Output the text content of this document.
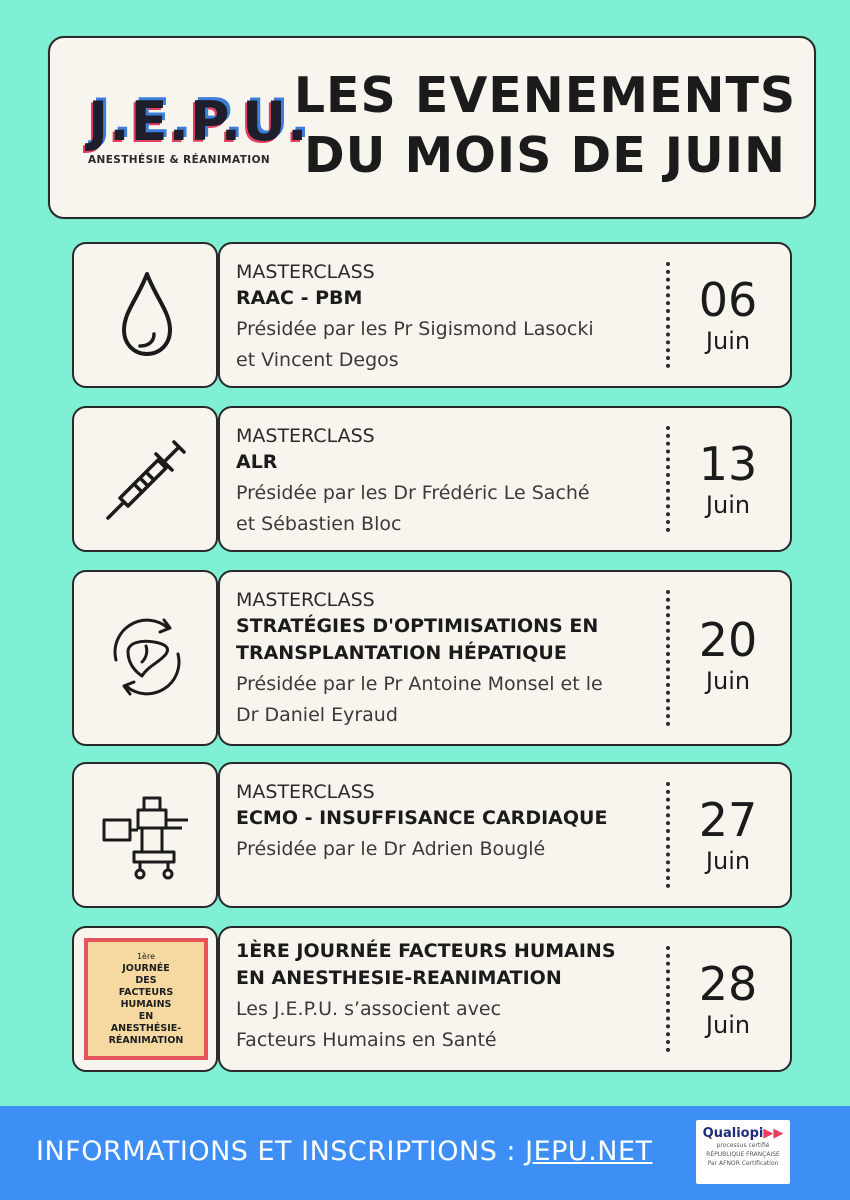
J.E.P.U.
ANESTHÉSIE & RÉANIMATION
LES EVENEMENTS
DU MOIS DE JUIN
MASTERCLASS
RAAC - PBM
Présidée par les Pr Sigismond Lasocki
et Vincent Degos
06
Juin
MASTERCLASS
ALR
Présidée par les Dr Frédéric Le Saché
et Sébastien Bloc
13
Juin
MASTERCLASS
STRATÉGIES D'OPTIMISATIONS EN
TRANSPLANTATION HÉPATIQUE
Présidée par le Pr Antoine Monsel et le
Dr Daniel Eyraud
20
Juin
MASTERCLASS
ECMO - INSUFFISANCE CARDIAQUE
Présidée par le Dr Adrien Bouglé
27
Juin
1ère
JOURNÉE
DES
FACTEURS
HUMAINS
EN
ANESTHÉSIE-
RÉANIMATION
1ÈRE JOURNÉE FACTEURS HUMAINS
EN ANESTHESIE-REANIMATION
Les J.E.P.U. s’associent avec
Facteurs Humains en Santé
28
Juin
INFORMATIONS ET INSCRIPTIONS : JEPU.NET
Qualiopi▶▶
processus certifié
RÉPUBLIQUE FRANÇAISE
Par AFNOR Certification
